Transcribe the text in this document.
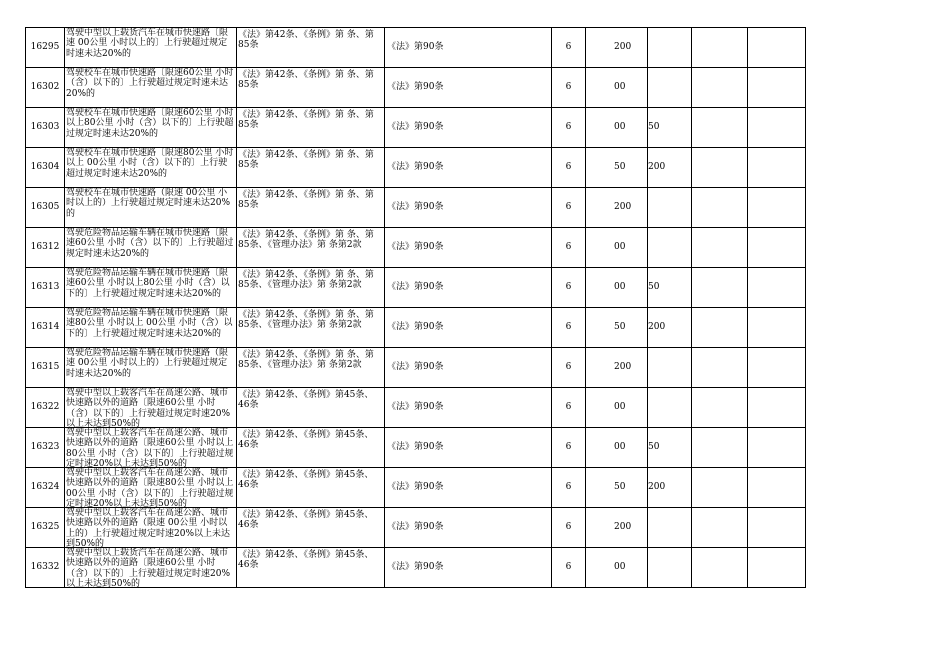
16295	驾驶中型以上载货汽车在城市快速路〔限速 00公里 小时以上的〕上行驶超过规定时速未达20%的	《法》第42条、《条例》第 条、第85条	《法》第90条	6	200			

16302	驾驶校车在城市快速路〔限速60公里 小时（含）以下的〕上行驶超过规定时速未达20%的	《法》第42条、《条例》第 条、第85条	《法》第90条	6	00			

16303	驾驶校车在城市快速路〔限速60公里 小时以上80公里 小时（含）以下的〕上行驶超过规定时速未达20%的	《法》第42条、《条例》第 条、第85条	《法》第90条	6	00 50			

16304	驾驶校车在城市快速路〔限速80公里 小时以上 00公里 小时（含）以下的〕上行驶超过规定时速未达20%的	《法》第42条、《条例》第 条、第85条	《法》第90条	6	50 200			

16305	驾驶校车在城市快速路（限速 00公里 小时以上的）上行驶超过规定时速未达20%的	《法》第42条、《条例》第 条、第85条	《法》第90条	6	200			

16312	驾驶危险物品运输车辆在城市快速路〔限速60公里 小时（含）以下的〕上行驶超过规定时速未达20%的	《法》第42条、《条例》第 条、第85条、《管理办法》第 条第2款	《法》第90条	6	00			

16313	驾驶危险物品运输车辆在城市快速路〔限速60公里 小时以上80公里 小时（含）以下的〕上行驶超过规定时速未达20%的	《法》第42条、《条例》第 条、第85条、《管理办法》第 条第2款	《法》第90条	6	00 50			

16314	驾驶危险物品运输车辆在城市快速路〔限速80公里 小时以上 00公里 小时（含）以下的〕上行驶超过规定时速未达20%的	《法》第42条、《条例》第 条、第85条、《管理办法》第 条第2款	《法》第90条	6	50 200			

16315	驾驶危险物品运输车辆在城市快速路（限速 00公里 小时以上的）上行驶超过规定时速未达20%的	《法》第42条、《条例》第 条、第85条、《管理办法》第 条第2款	《法》第90条	6	200			

16322	驾驶中型以上载客汽车在高速公路、城市快速路以外的道路〔限速60公里 小时（含）以下的〕上行驶超过规定时速20%以上未达到50%的	《法》第42条、《条例》第45条、46条	《法》第90条	6	00			

16323	驾驶中型以上载客汽车在高速公路、城市快速路以外的道路〔限速60公里 小时以上80公里 小时（含）以下的〕上行驶超过规定时速20%以上未达到50%的	《法》第42条、《条例》第45条、46条	《法》第90条	6	00 50			

16324	驾驶中型以上载客汽车在高速公路、城市快速路以外的道路〔限速80公里 小时以上 00公里 小时（含）以下的〕上行驶超过规定时速20%以上未达到50%的	《法》第42条、《条例》第45条、46条	《法》第90条	6	50 200			

16325	驾驶中型以上载客汽车在高速公路、城市快速路以外的道路（限速 00公里 小时以上的）上行驶超过规定时速20%以上未达到50%的	《法》第42条、《条例》第45条、46条	《法》第90条	6	200			

16332	驾驶中型以上载货汽车在高速公路、城市快速路以外的道路〔限速60公里 小时（含）以下的〕上行驶超过规定时速20%以上未达到50%的	《法》第42条、《条例》第45条、46条	《法》第90条	6	00			
